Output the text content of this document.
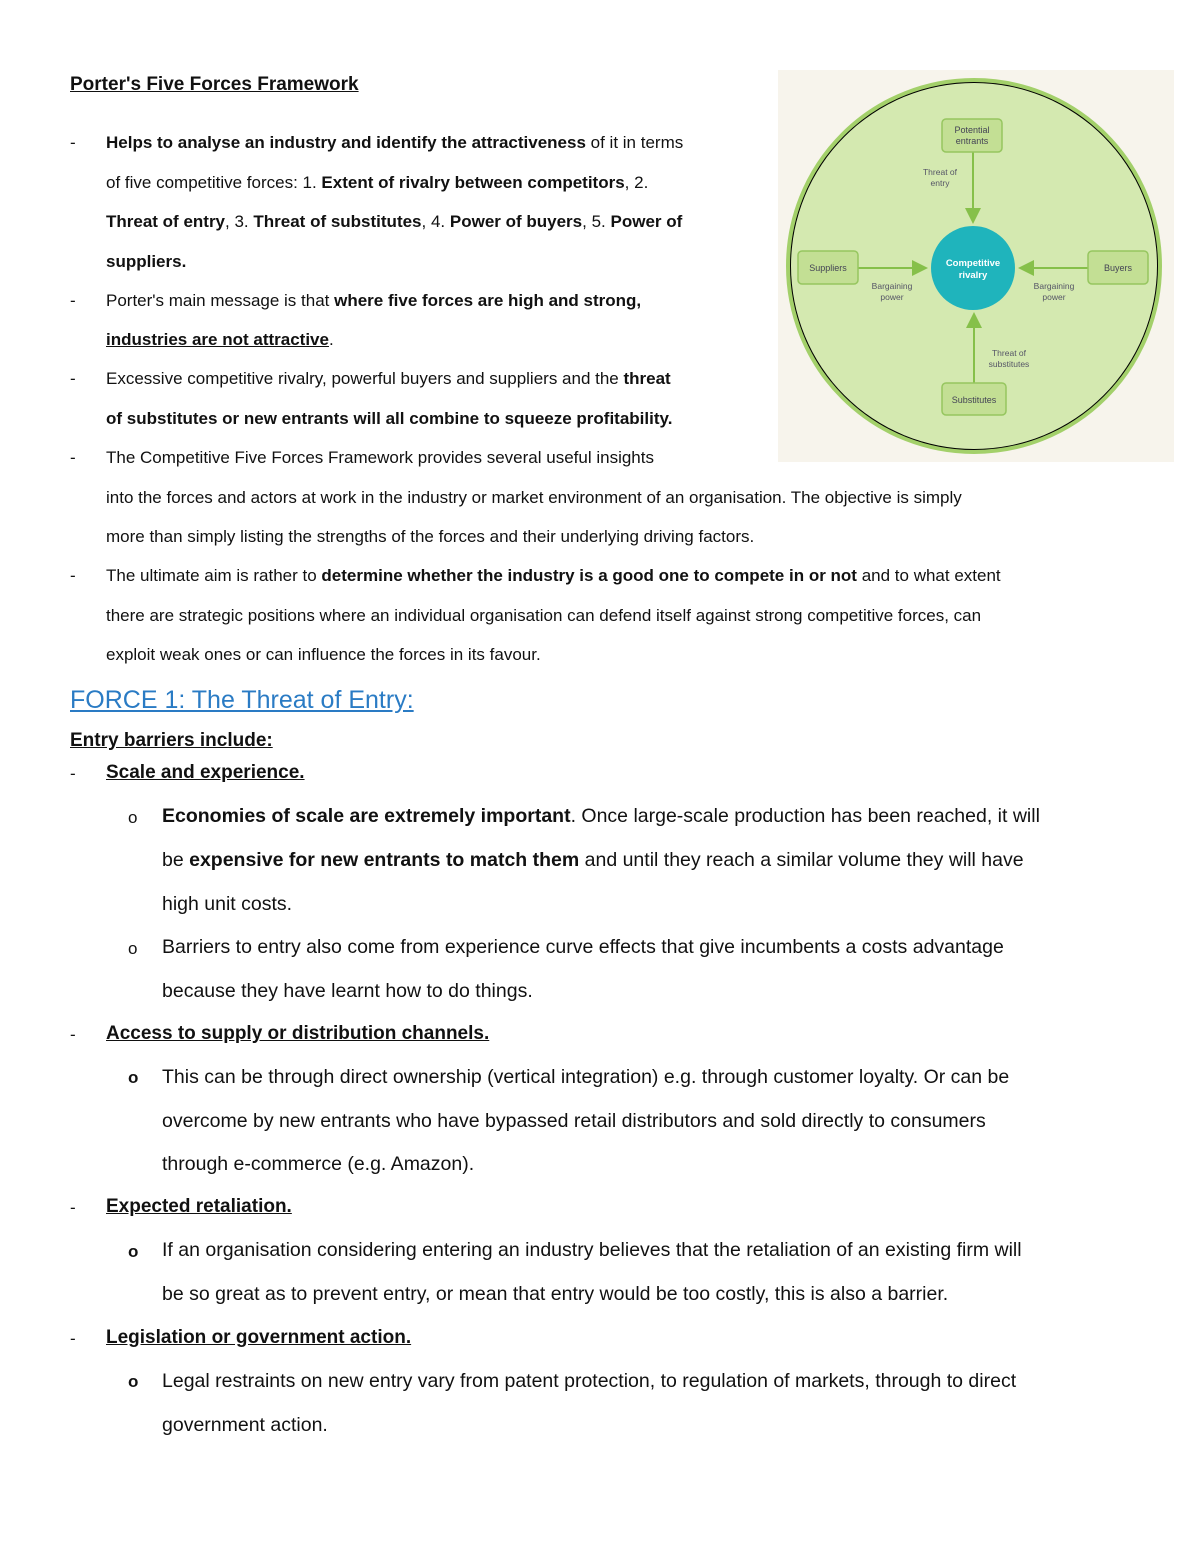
Porter's Five Forces Framework
- Helps to analyse an industry and identify the attractiveness of it in terms
of five competitive forces: 1. Extent of rivalry between competitors, 2.
Threat of entry, 3. Threat of substitutes, 4. Power of buyers, 5. Power of
suppliers.
- Porter's main message is that where five forces are high and strong,
industries are not attractive.
- Excessive competitive rivalry, powerful buyers and suppliers and the threat
of substitutes or new entrants will all combine to squeeze profitability.
- The Competitive Five Forces Framework provides several useful insights
into the forces and actors at work in the industry or market environment of an organisation. The objective is simply
more than simply listing the strengths of the forces and their underlying driving factors.
- The ultimate aim is rather to determine whether the industry is a good one to compete in or not and to what extent
there are strategic positions where an individual organisation can defend itself against strong competitive forces, can
exploit weak ones or can influence the forces in its favour.
Competitive
rivalry
Potential
entrants
Threat of
entry
Suppliers
Bargaining
power
Buyers
Bargaining
power
Substitutes
Threat of
substitutes
FORCE 1: The Threat of Entry:
Entry barriers include:
- Scale and experience.
o Economies of scale are extremely important. Once large-scale production has been reached, it will
be expensive for new entrants to match them and until they reach a similar volume they will have
high unit costs.
o Barriers to entry also come from experience curve effects that give incumbents a costs advantage
because they have learnt how to do things.
- Access to supply or distribution channels.
o This can be through direct ownership (vertical integration) e.g. through customer loyalty. Or can be
overcome by new entrants who have bypassed retail distributors and sold directly to consumers
through e-commerce (e.g. Amazon).
- Expected retaliation.
o If an organisation considering entering an industry believes that the retaliation of an existing firm will
be so great as to prevent entry, or mean that entry would be too costly, this is also a barrier.
- Legislation or government action.
o Legal restraints on new entry vary from patent protection, to regulation of markets, through to direct
government action.
